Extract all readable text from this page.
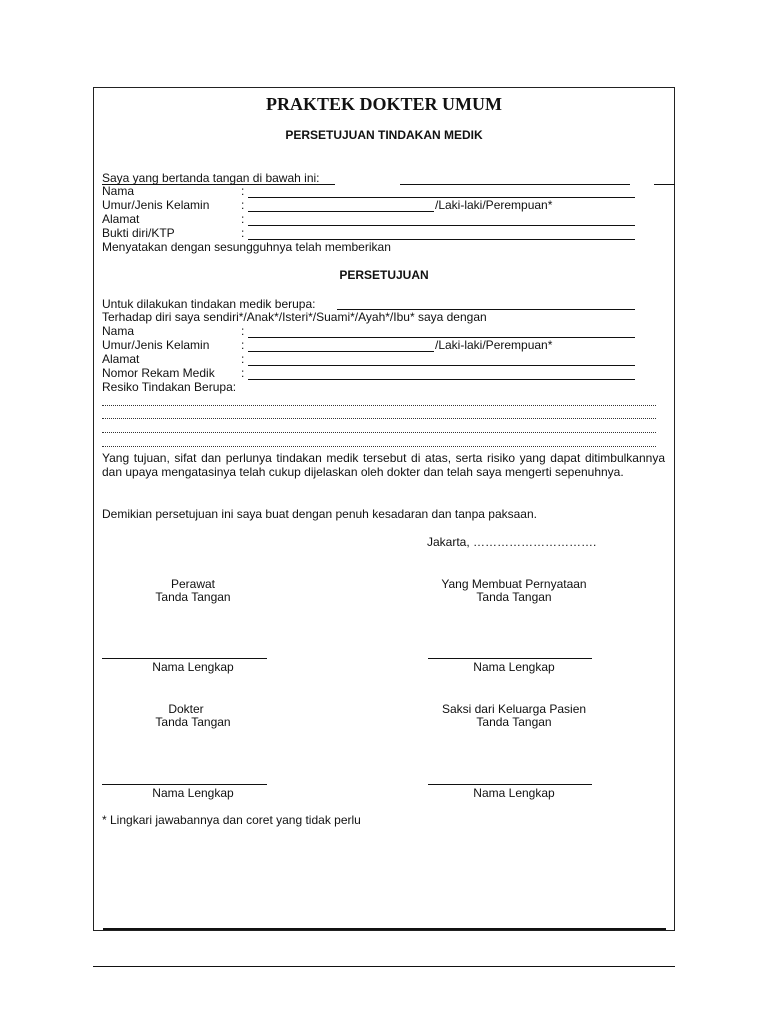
PRAKTEK DOKTER UMUM
PERSETUJUAN TINDAKAN MEDIK
Saya yang bertanda tangan di bawah ini:
Nama	:
Umur/Jenis Kelamin	:	/Laki-laki/Perempuan*
Alamat	:
Bukti diri/KTP	:
Menyatakan dengan sesungguhnya telah memberikan
PERSETUJUAN
Untuk dilakukan tindakan medik berupa:
Terhadap diri saya sendiri*/Anak*/Isteri*/Suami*/Ayah*/Ibu* saya dengan
Nama	:
Umur/Jenis Kelamin	:	/Laki-laki/Perempuan*
Alamat	:
Nomor Rekam Medik :
Resiko Tindakan Berupa:
Yang tujuan, sifat dan perlunya tindakan medik tersebut di atas, serta risiko yang dapat ditimbulkannya dan upaya mengatasinya telah cukup dijelaskan oleh dokter dan telah saya mengerti sepenuhnya.
Demikian persetujuan ini saya buat dengan penuh kesadaran dan tanpa paksaan.
Jakarta, ………………………….
Perawat
Tanda Tangan
Yang Membuat Pernyataan
Tanda Tangan
Nama Lengkap	Nama Lengkap
Dokter
Tanda Tangan
Saksi dari Keluarga Pasien
Tanda Tangan
Nama Lengkap	Nama Lengkap
* Lingkari jawabannya dan coret yang tidak perlu
